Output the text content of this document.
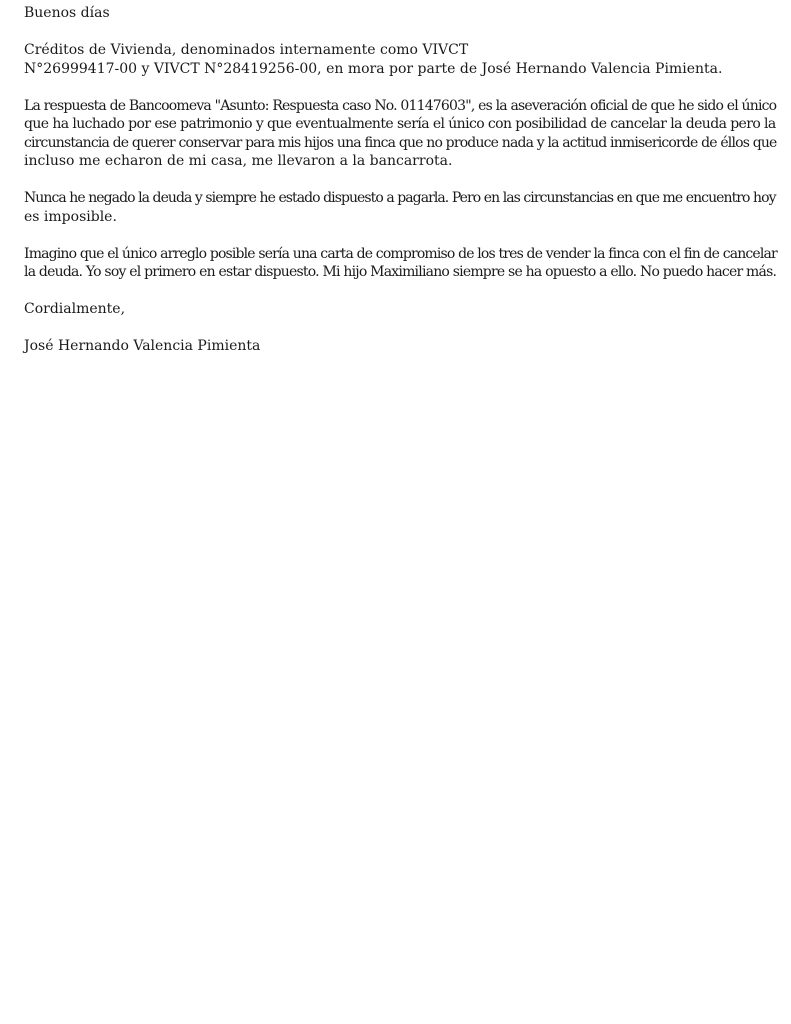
Buenos días

Créditos de Vivienda, denominados internamente como VIVCT
N°26999417-00 y VIVCT N°28419256-00, en mora por parte de José Hernando Valencia Pimienta.

La respuesta de Bancoomeva "Asunto: Respuesta caso No. 01147603", es la aseveración oficial de que he sido el único
que ha luchado por ese patrimonio y que eventualmente sería el único con posibilidad de cancelar la deuda pero la
circunstancia de querer conservar para mis hijos una finca que no produce nada y la actitud inmisericorde de éllos que
incluso me echaron de mi casa, me llevaron a la bancarrota.

Nunca he negado la deuda y siempre he estado dispuesto a pagarla. Pero en las circunstancias en que me encuentro hoy
es imposible.

Imagino que el único arreglo posible sería una carta de compromiso de los tres de vender la finca con el fin de cancelar
la deuda. Yo soy el primero en estar dispuesto. Mi hijo Maximiliano siempre se ha opuesto a ello. No puedo hacer más.

Cordialmente,

José Hernando Valencia Pimienta
